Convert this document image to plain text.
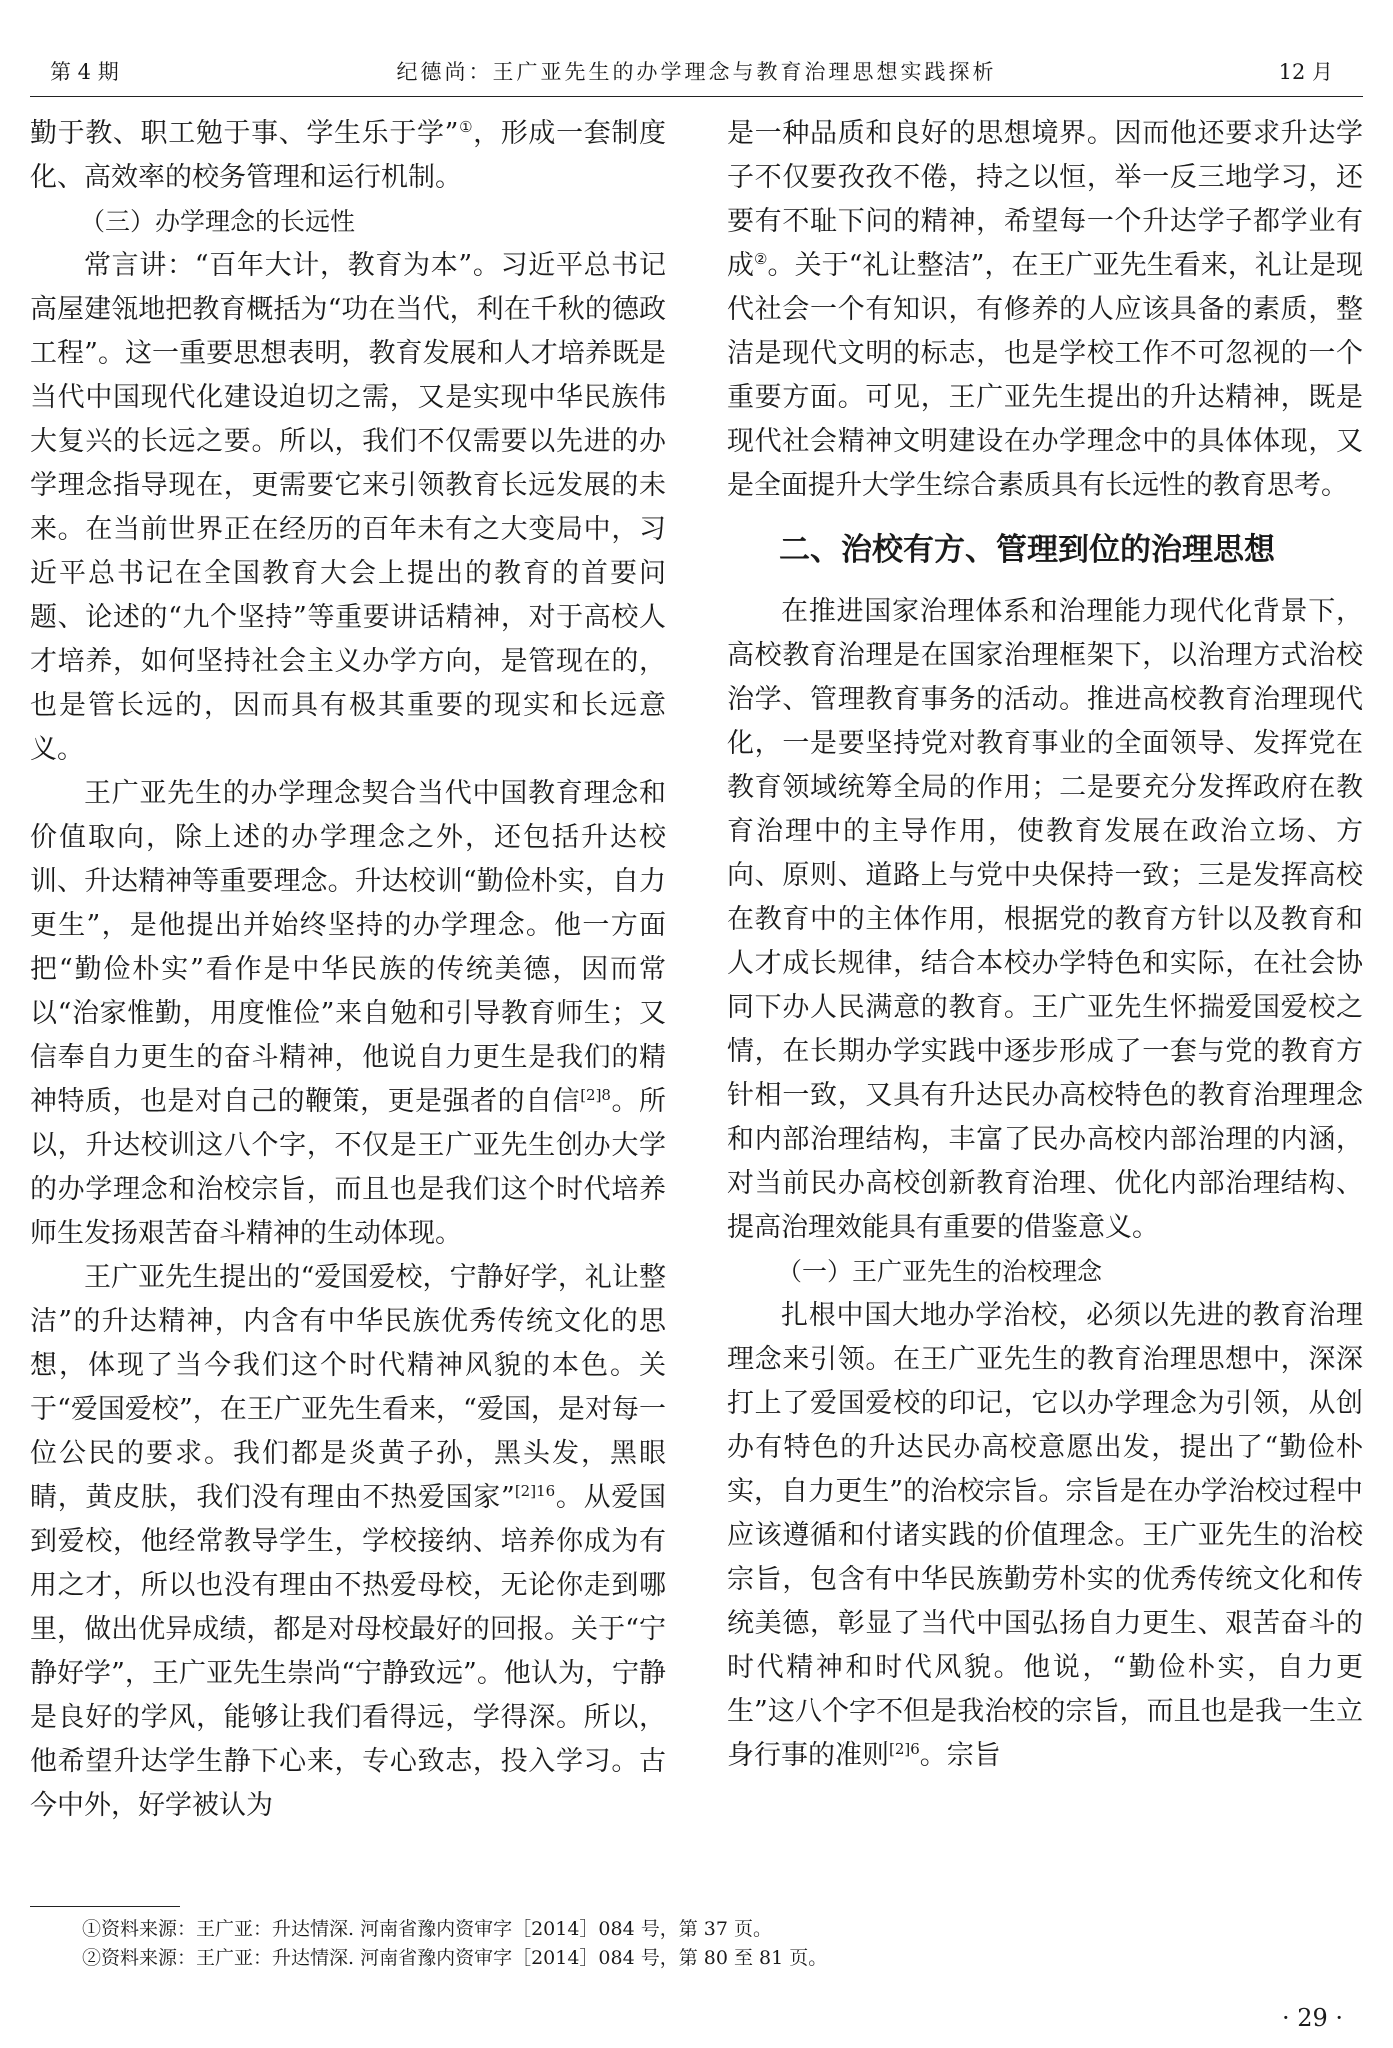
第 4 期	纪德尚：王广亚先生的办学理念与教育治理思想实践探析	12 月

勤于教、职工勉于事、学生乐于学”①，形成一套制度化、高效率的校务管理和运行机制。

（三）办学理念的长远性

常言讲：“百年大计，教育为本”。习近平总书记高屋建瓴地把教育概括为“功在当代，利在千秋的德政工程”。这一重要思想表明，教育发展和人才培养既是当代中国现代化建设迫切之需，又是实现中华民族伟大复兴的长远之要。所以，我们不仅需要以先进的办学理念指导现在，更需要它来引领教育长远发展的未来。在当前世界正在经历的百年未有之大变局中，习近平总书记在全国教育大会上提出的教育的首要问题、论述的“九个坚持”等重要讲话精神，对于高校人才培养，如何坚持社会主义办学方向，是管现在的，也是管长远的，因而具有极其重要的现实和长远意义。

王广亚先生的办学理念契合当代中国教育理念和价值取向，除上述的办学理念之外，还包括升达校训、升达精神等重要理念。升达校训“勤俭朴实，自力更生”，是他提出并始终坚持的办学理念。他一方面把“勤俭朴实”看作是中华民族的传统美德，因而常以“治家惟勤，用度惟俭”来自勉和引导教育师生；又信奉自力更生的奋斗精神，他说自力更生是我们的精神特质，也是对自己的鞭策，更是强者的自信$^{[2]8}$。所以，升达校训这八个字，不仅是王广亚先生创办大学的办学理念和治校宗旨，而且也是我们这个时代培养师生发扬艰苦奋斗精神的生动体现。

王广亚先生提出的“爱国爱校，宁静好学，礼让整洁”的升达精神，内含有中华民族优秀传统文化的思想，体现了当今我们这个时代精神风貌的本色。关于“爱国爱校”，在王广亚先生看来，“爱国，是对每一位公民的要求。我们都是炎黄子孙，黑头发，黑眼睛，黄皮肤，我们没有理由不热爱国家”$^{[2]16}$。从爱国到爱校，他经常教导学生，学校接纳、培养你成为有用之才，所以也没有理由不热爱母校，无论你走到哪里，做出优异成绩，都是对母校最好的回报。关于“宁静好学”，王广亚先生崇尚“宁静致远”。他认为，宁静是良好的学风，能够让我们看得远，学得深。所以，他希望升达学生静下心来，专心致志，投入学习。古今中外，好学被认为

是一种品质和良好的思想境界。因而他还要求升达学子不仅要孜孜不倦，持之以恒，举一反三地学习，还要有不耻下问的精神，希望每一个升达学子都学业有成②。关于“礼让整洁”，在王广亚先生看来，礼让是现代社会一个有知识，有修养的人应该具备的素质，整洁是现代文明的标志，也是学校工作不可忽视的一个重要方面。可见，王广亚先生提出的升达精神，既是现代社会精神文明建设在办学理念中的具体体现，又是全面提升大学生综合素质具有长远性的教育思考。

二、治校有方、管理到位的治理思想

在推进国家治理体系和治理能力现代化背景下，高校教育治理是在国家治理框架下，以治理方式治校治学、管理教育事务的活动。推进高校教育治理现代化，一是要坚持党对教育事业的全面领导、发挥党在教育领域统筹全局的作用；二是要充分发挥政府在教育治理中的主导作用，使教育发展在政治立场、方向、原则、道路上与党中央保持一致；三是发挥高校在教育中的主体作用，根据党的教育方针以及教育和人才成长规律，结合本校办学特色和实际，在社会协同下办人民满意的教育。王广亚先生怀揣爱国爱校之情，在长期办学实践中逐步形成了一套与党的教育方针相一致，又具有升达民办高校特色的教育治理理念和内部治理结构，丰富了民办高校内部治理的内涵，对当前民办高校创新教育治理、优化内部治理结构、提高治理效能具有重要的借鉴意义。

（一）王广亚先生的治校理念

扎根中国大地办学治校，必须以先进的教育治理理念来引领。在王广亚先生的教育治理思想中，深深打上了爱国爱校的印记，它以办学理念为引领，从创办有特色的升达民办高校意愿出发，提出了“勤俭朴实，自力更生”的治校宗旨。宗旨是在办学治校过程中应该遵循和付诸实践的价值理念。王广亚先生的治校宗旨，包含有中华民族勤劳朴实的优秀传统文化和传统美德，彰显了当代中国弘扬自力更生、艰苦奋斗的时代精神和时代风貌。他说，“勤俭朴实，自力更生”这八个字不但是我治校的宗旨，而且也是我一生立身行事的准则$^{[2]6}$。宗旨

①资料来源：王广亚：升达情深. 河南省豫内资审字［2014］084 号，第 37 页。
②资料来源：王广亚：升达情深. 河南省豫内资审字［2014］084 号，第 80 至 81 页。
· 29 ·
